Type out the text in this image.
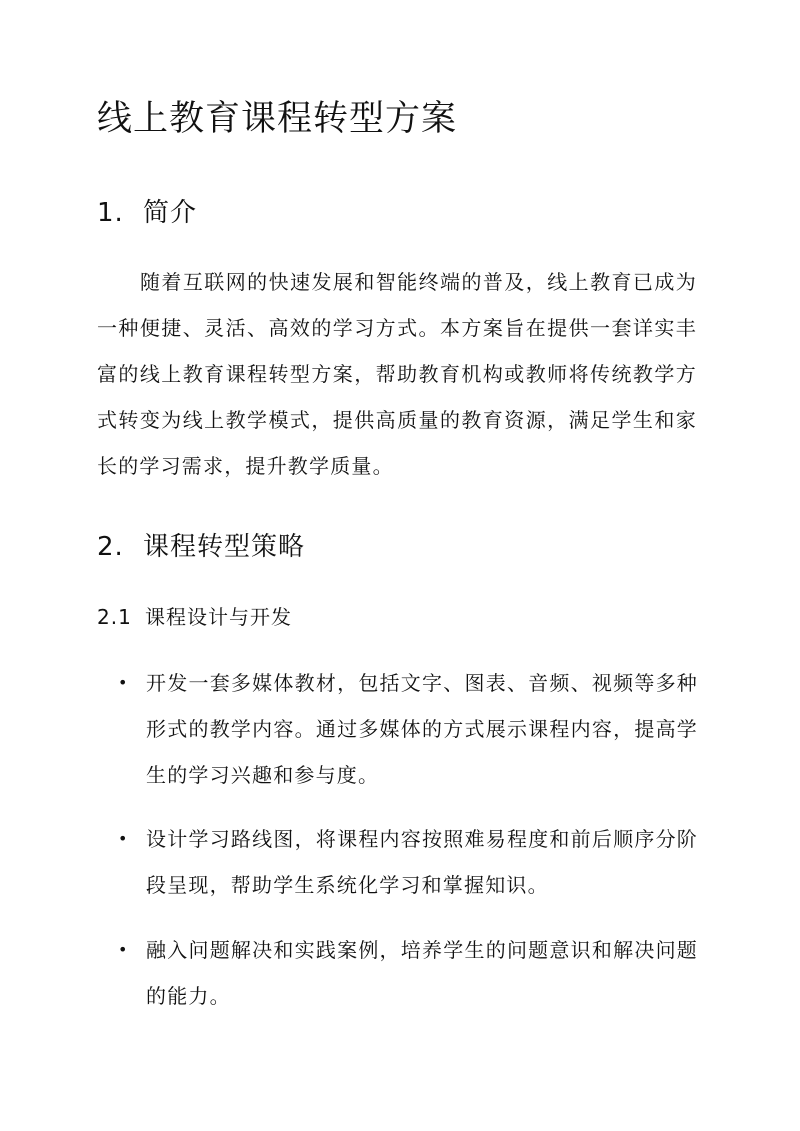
线上教育课程转型方案
1. 简介

随着互联网的快速发展和智能终端的普及，线上教育已成为一种便捷、灵活、高效的学习方式。本方案旨在提供一套详实丰富的线上教育课程转型方案，帮助教育机构或教师将传统教学方式转变为线上教学模式，提供高质量的教育资源，满足学生和家长的学习需求，提升教学质量。

2. 课程转型策略
2.1 课程设计与开发
• 开发一套多媒体教材，包括文字、图表、音频、视频等多种形式的教学内容。通过多媒体的方式展示课程内容，提高学生的学习兴趣和参与度。
• 设计学习路线图，将课程内容按照难易程度和前后顺序分阶段呈现，帮助学生系统化学习和掌握知识。
• 融入问题解决和实践案例，培养学生的问题意识和解决问题的能力。
